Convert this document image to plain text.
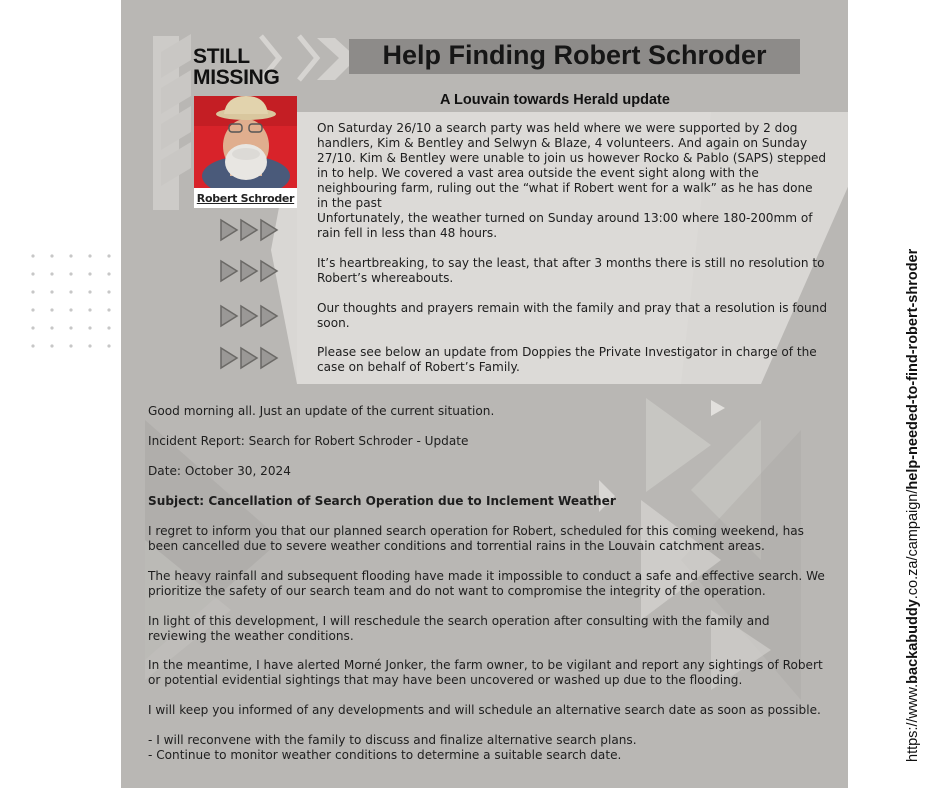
STILL
MISSING
Help Finding Robert Schroder
A Louvain towards Herald update
Robert Schroder

On Saturday 26/10 a search party was held where we were supported by 2 dog handlers, Kim & Bentley and Selwyn & Blaze, 4 volunteers. And again on Sunday 27/10. Kim & Bentley were unable to join us however Rocko & Pablo (SAPS) stepped in to help. We covered a vast area outside the event sight along with the neighbouring farm, ruling out the “what if Robert went for a walk” as he has done in the past

Unfortunately, the weather turned on Sunday around 13:00 where 180-200mm of rain fell in less than 48 hours.

It’s heartbreaking, to say the least, that after 3 months there is still no resolution to Robert’s whereabouts.

Our thoughts and prayers remain with the family and pray that a resolution is found soon.

Please see below an update from Doppies the Private Investigator in charge of the case on behalf of Robert’s Family.

Good morning all. Just an update of the current situation.

Incident Report: Search for Robert Schroder - Update

Date: October 30, 2024

Subject: Cancellation of Search Operation due to Inclement Weather

I regret to inform you that our planned search operation for Robert, scheduled for this coming weekend, has been cancelled due to severe weather conditions and torrential rains in the Louvain catchment areas.

The heavy rainfall and subsequent flooding have made it impossible to conduct a safe and effective search. We prioritize the safety of our search team and do not want to compromise the integrity of the operation.

In light of this development, I will reschedule the search operation after consulting with the family and reviewing the weather conditions.

In the meantime, I have alerted Morné Jonker, the farm owner, to be vigilant and report any sightings of Robert or potential evidential sightings that may have been uncovered or washed up due to the flooding.

I will keep you informed of any developments and will schedule an alternative search date as soon as possible.

- I will reconvene with the family to discuss and finalize alternative search plans.

- Continue to monitor weather conditions to determine a suitable search date.	https://www.backabuddy.co.za/campaign/help-needed-to-find-robert-shroder
